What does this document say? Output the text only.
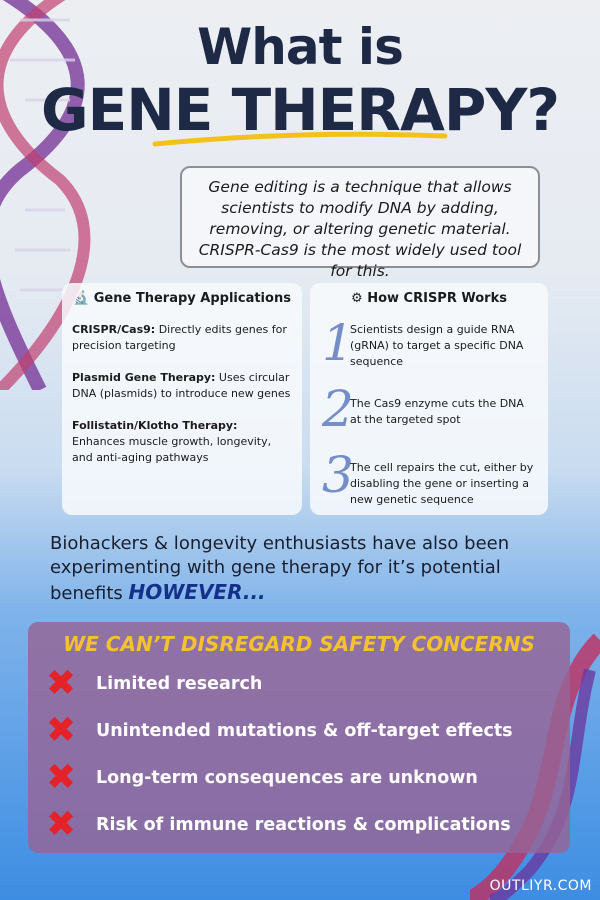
What is
GENE THERAPY?
Gene editing is a technique that allows scientists to modify DNA by adding, removing, or altering genetic material. CRISPR-Cas9 is the most widely used tool for this.
🔬 Gene Therapy Applications
CRISPR/Cas9: Directly edits genes for precision targeting
Plasmid Gene Therapy: Uses circular DNA (plasmids) to introduce new genes
Follistatin/Klotho Therapy: Enhances muscle growth, longevity, and anti-aging pathways
⚙ How CRISPR Works
1
Scientists design a guide RNA (gRNA) to target a specific DNA sequence
2
The Cas9 enzyme cuts the DNA at the targeted spot
3
The cell repairs the cut, either by disabling the gene or inserting a new genetic sequence
Biohackers & longevity enthusiasts have also been experimenting with gene therapy for it’s potential benefits HOWEVER...
WE CAN’T DISREGARD SAFETY CONCERNS
✖	Limited research
✖	Unintended mutations & off-target effects
✖	Long-term consequences are unknown
✖	Risk of immune reactions & complications
OUTLIYR.COM
